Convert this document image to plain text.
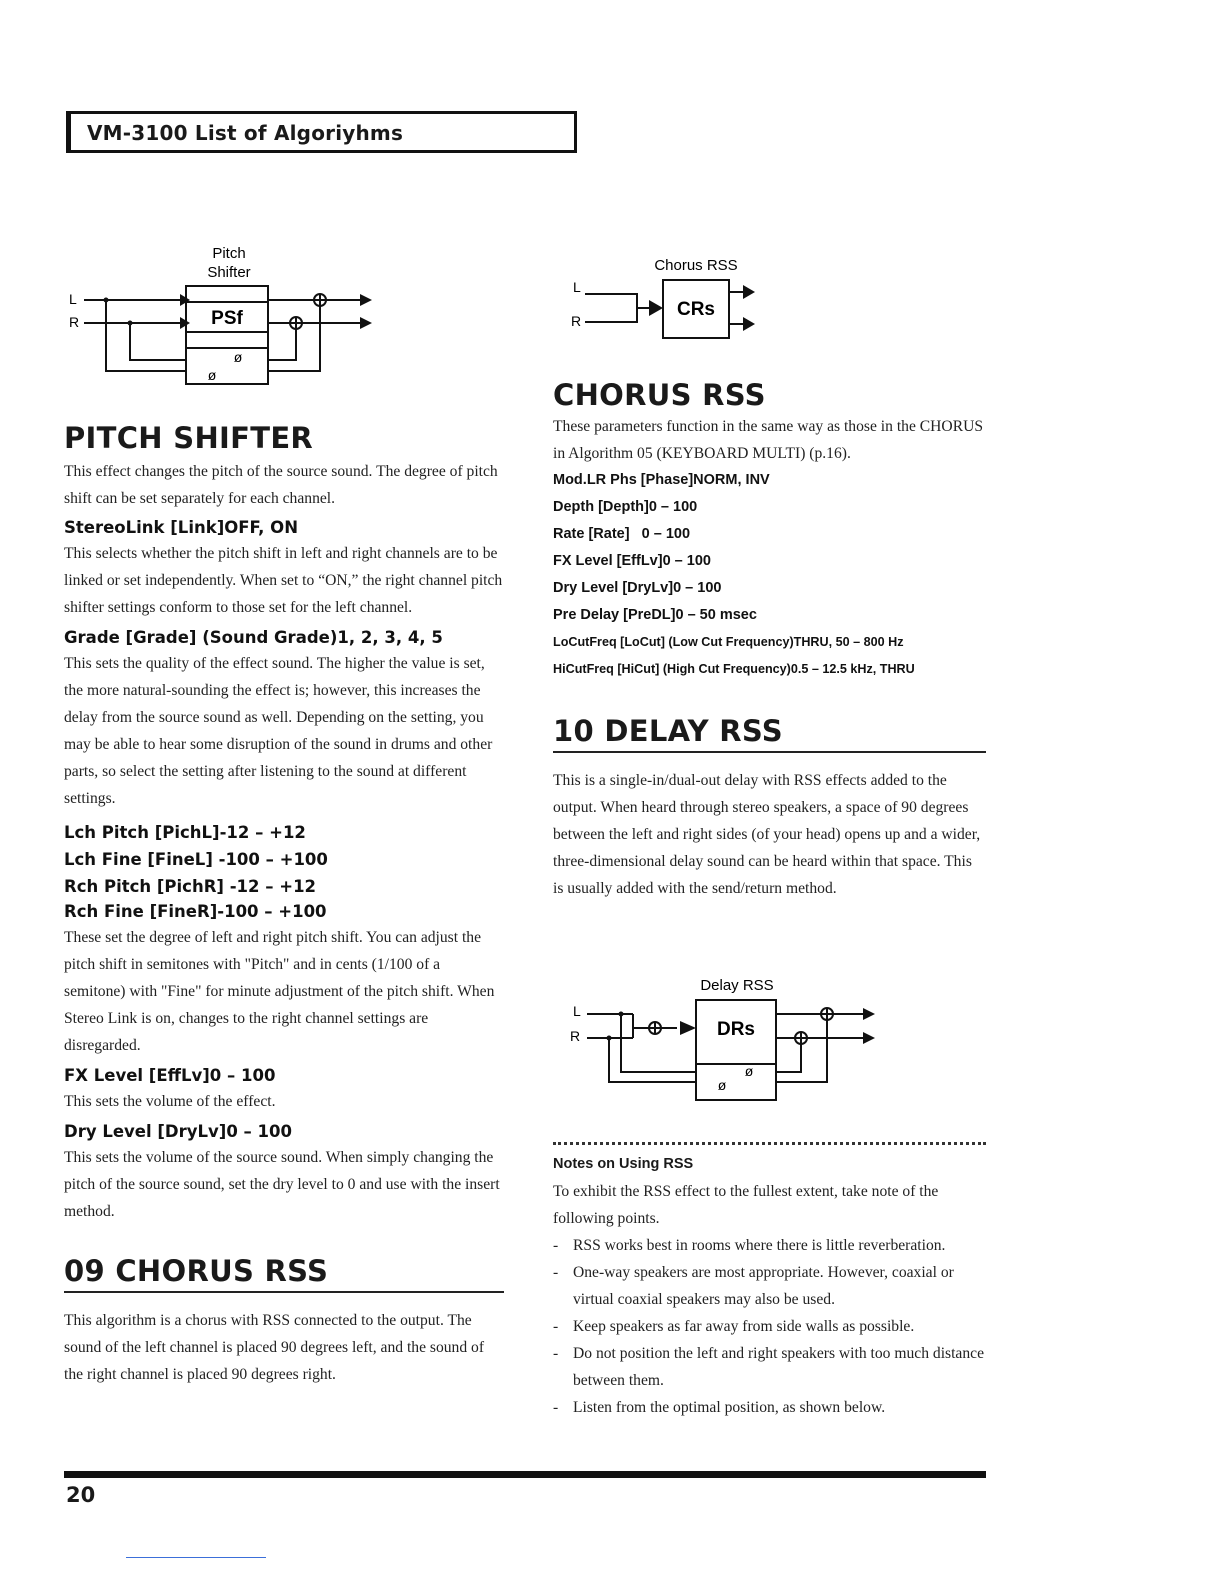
VM-3100 List of Algoriyhms
Pitch
Shifter
L
R	PSf
ø
ø
Chorus RSS
L
R
CRs
PITCH SHIFTER
This effect changes the pitch of the source sound. The degree of pitch shift can be set separately for each channel.
StereoLink [Link]OFF, ON
This selects whether the pitch shift in left and right channels are to be linked or set independently. When set to “ON,” the right channel pitch shifter settings conform to those set for the left channel.
Grade [Grade] (Sound Grade)1, 2, 3, 4, 5
This sets the quality of the effect sound. The higher the value is set, the more natural-sounding the effect is; however, this increases the delay from the source sound as well. Depending on the setting, you may be able to hear some disruption of the sound in drums and other parts, so select the setting after listening to the sound at different settings.
Lch Pitch [PichL]-12 – +12
Lch Fine [FineL] -100 – +100
Rch Pitch [PichR] -12 – +12
Rch Fine [FineR]-100 – +100
These set the degree of left and right pitch shift. You can adjust the pitch shift in semitones with "Pitch" and in cents (1/100 of a semitone) with "Fine" for minute adjustment of the pitch shift. When Stereo Link is on, changes to the right channel settings are disregarded.
FX Level [EffLv]0 – 100
This sets the volume of the effect.
Dry Level [DryLv]0 – 100
This sets the volume of the source sound. When simply changing the pitch of the source sound, set the dry level to 0 and use with the insert method.
09 CHORUS RSS
This algorithm is a chorus with RSS connected to the output. The sound of the left channel is placed 90 degrees left, and the sound of the right channel is placed 90 degrees right.
CHORUS RSS
These parameters function in the same way as those in the CHORUS in Algorithm 05 (KEYBOARD MULTI) (p.16).
Mod.LR Phs [Phase]NORM, INV
Depth [Depth]0 – 100
Rate [Rate]   0 – 100
FX Level [EffLv]0 – 100
Dry Level [DryLv]0 – 100
Pre Delay [PreDL]0 – 50 msec
LoCutFreq [LoCut] (Low Cut Frequency)THRU, 50 – 800 Hz
HiCutFreq [HiCut] (High Cut Frequency)0.5 – 12.5 kHz, THRU
10 DELAY RSS
This is a single-in/dual-out delay with RSS effects added to the output. When heard through stereo speakers, a space of 90 degrees between the left and right sides (of your head) opens up and a wider, three-dimensional delay sound can be heard within that space. This is usually added with the send/return method.
Notes on Using RSS
To exhibit the RSS effect to the fullest extent, take note of the following points.
- RSS works best in rooms where there is little reverberation.
- One-way speakers are most appropriate. However, coaxial or virtual coaxial speakers may also be used.
- Keep speakers as far away from side walls as possible.
- Do not position the left and right speakers with too much distance between them.
- Listen from the optimal position, as shown below.
Delay RSS
L
R	DRs
ø
ø
20
